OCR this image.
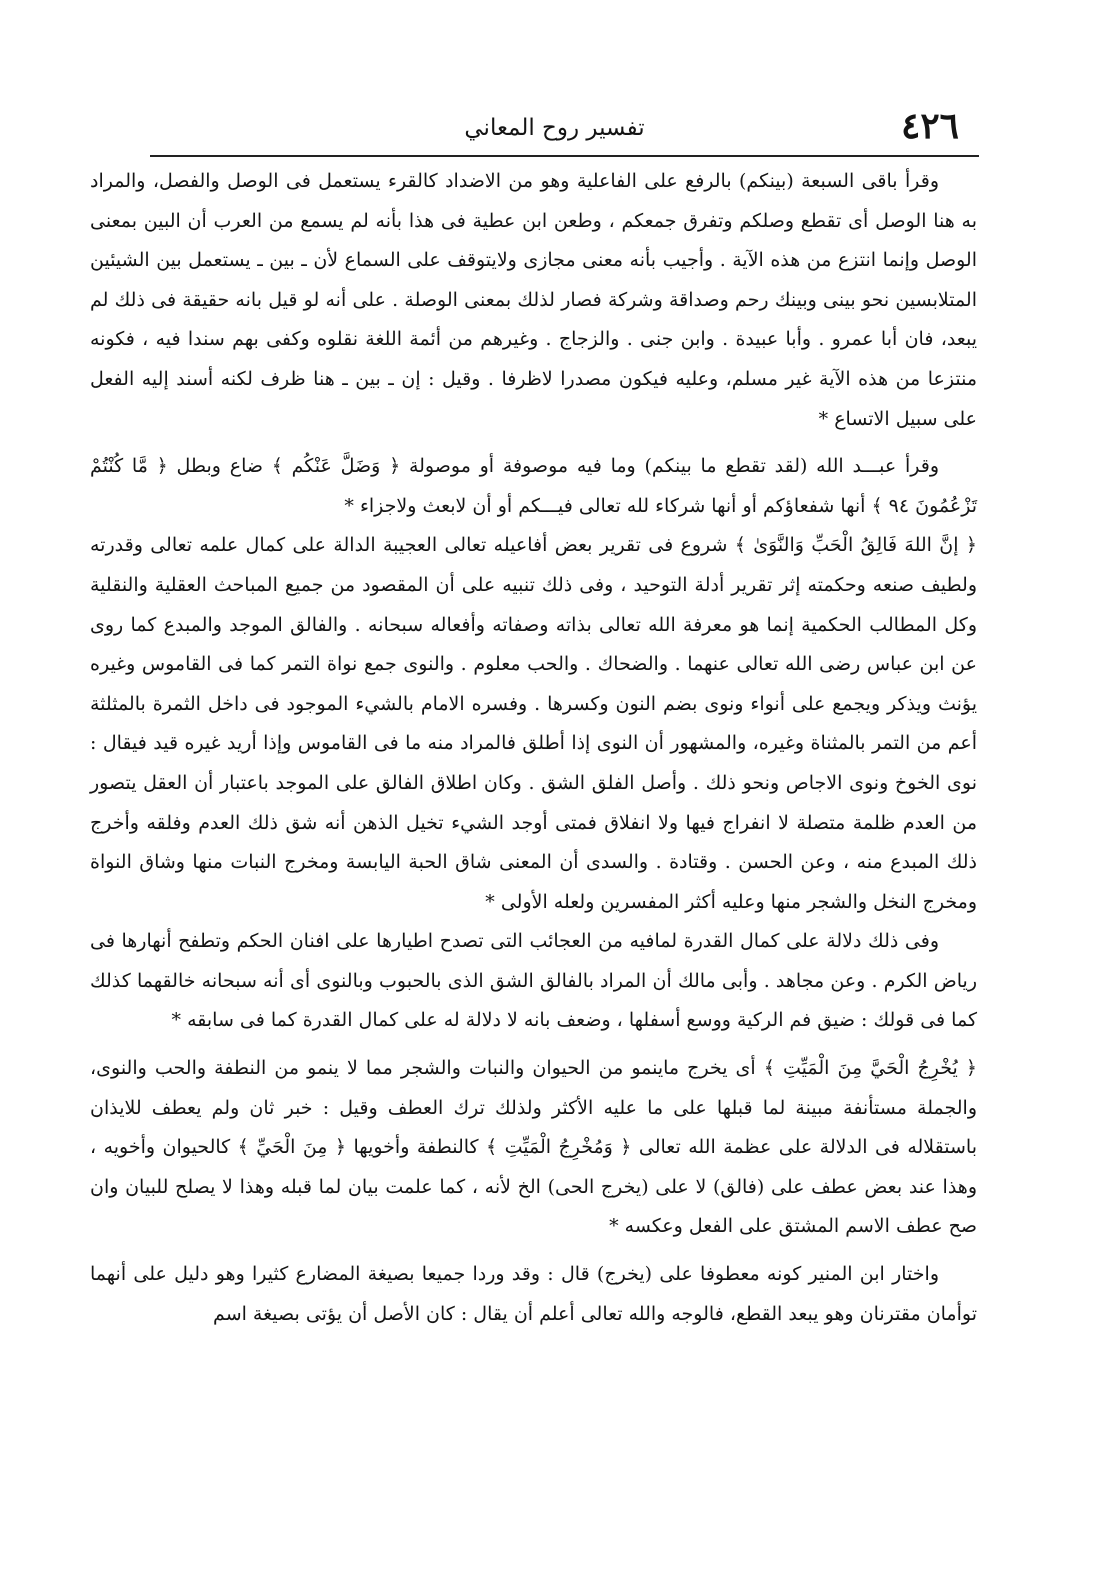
٤٢٦
تفسير روح المعاني

وقرأ باقى السبعة (بينكم) بالرفع على الفاعلية وهو من الاضداد كالقرء يستعمل فى الوصل والفصل، والمراد به هنا الوصل أى تقطع وصلكم وتفرق جمعكم ، وطعن ابن عطية فى هذا بأنه لم يسمع من العرب أن البين بمعنى الوصل وإنما انتزع من هذه الآية . وأجيب بأنه معنى مجازى ولايتوقف على السماع لأن ـ بين ـ يستعمل بين الشيئين المتلابسين نحو بينى وبينك رحم وصداقة وشركة فصار لذلك بمعنى الوصلة . على أنه لو قيل بانه حقيقة فى ذلك لم يبعد، فان أبا عمرو . وأبا عبيدة . وابن جنى . والزجاج . وغيرهم من أئمة اللغة نقلوه وكفى بهم سندا فيه ، فكونه منتزعا من هذه الآية غير مسلم، وعليه فيكون مصدرا لاظرفا . وقيل : إن ـ بين ـ هنا ظرف لكنه أسند إليه الفعل على سبيل الاتساع *

وقرأ عبـــد الله (لقد تقطع ما بينكم) وما فيه موصوفة أو موصولة ﴿ وَضَلَّ عَنْكُم ﴾ ضاع وبطل ﴿ مَّا كُنْتُمْ تَزْعُمُونَ ٩٤ ﴾ أنها شفعاؤكم أو أنها شركاء لله تعالى فيـــكم أو أن لابعث ولاجزاء *

﴿ إنَّ اللهَ فَالِقُ الْحَبِّ وَالنَّوَىٰ ﴾ شروع فى تقرير بعض أفاعيله تعالى العجيبة الدالة على كمال علمه تعالى وقدرته ولطيف صنعه وحكمته إثر تقرير أدلة التوحيد ، وفى ذلك تنبيه على أن المقصود من جميع المباحث العقلية والنقلية وكل المطالب الحكمية إنما هو معرفة الله تعالى بذاته وصفاته وأفعاله سبحانه . والفالق الموجد والمبدع كما روى عن ابن عباس رضى الله تعالى عنهما . والضحاك . والحب معلوم . والنوى جمع نواة التمر كما فى القاموس وغيره يؤنث ويذكر ويجمع على أنواء ونوى بضم النون وكسرها . وفسره الامام بالشيء الموجود فى داخل الثمرة بالمثلثة أعم من التمر بالمثناة وغيره، والمشهور أن النوى إذا أطلق فالمراد منه ما فى القاموس وإذا أريد غيره قيد فيقال : نوى الخوخ ونوى الاجاص ونحو ذلك . وأصل الفلق الشق . وكان اطلاق الفالق على الموجد باعتبار أن العقل يتصور من العدم ظلمة متصلة لا انفراج فيها ولا انفلاق فمتى أوجد الشيء تخيل الذهن أنه شق ذلك العدم وفلقه وأخرج ذلك المبدع منه ، وعن الحسن . وقتادة . والسدى أن المعنى شاق الحبة اليابسة ومخرج النبات منها وشاق النواة ومخرج النخل والشجر منها وعليه أكثر المفسرين ولعله الأولى *

وفى ذلك دلالة على كمال القدرة لمافيه من العجائب التى تصدح اطيارها على افنان الحكم وتطفح أنهارها فى رياض الكرم . وعن مجاهد . وأبى مالك أن المراد بالفالق الشق الذى بالحبوب وبالنوى أى أنه سبحانه خالقهما كذلك كما فى قولك : ضيق فم الركية ووسع أسفلها ، وضعف بانه لا دلالة له على كمال القدرة كما فى سابقه *

﴿ يُخْرِجُ الْحَيَّ مِنَ الْمَيِّتِ ﴾ أى يخرج ماينمو من الحيوان والنبات والشجر مما لا ينمو من النطفة والحب والنوى، والجملة مستأنفة مبينة لما قبلها على ما عليه الأكثر ولذلك ترك العطف وقيل : خبر ثان ولم يعطف للايذان باستقلاله فى الدلالة على عظمة الله تعالى ﴿ وَمُخْرِجُ الْمَيِّتِ ﴾ كالنطفة وأخويها ﴿ مِنَ الْحَيِّ ﴾ كالحيوان وأخويه ، وهذا عند بعض عطف على (فالق) لا على (يخرج الحى) الخ لأنه ، كما علمت بيان لما قبله وهذا لا يصلح للبيان وان صح عطف الاسم المشتق على الفعل وعكسه *

واختار ابن المنير كونه معطوفا على (يخرج) قال : وقد وردا جميعا بصيغة المضارع كثيرا وهو دليل على أنهما توأمان مقترنان وهو يبعد القطع، فالوجه والله تعالى أعلم أن يقال : كان الأصل أن يؤتى بصيغة اسم
